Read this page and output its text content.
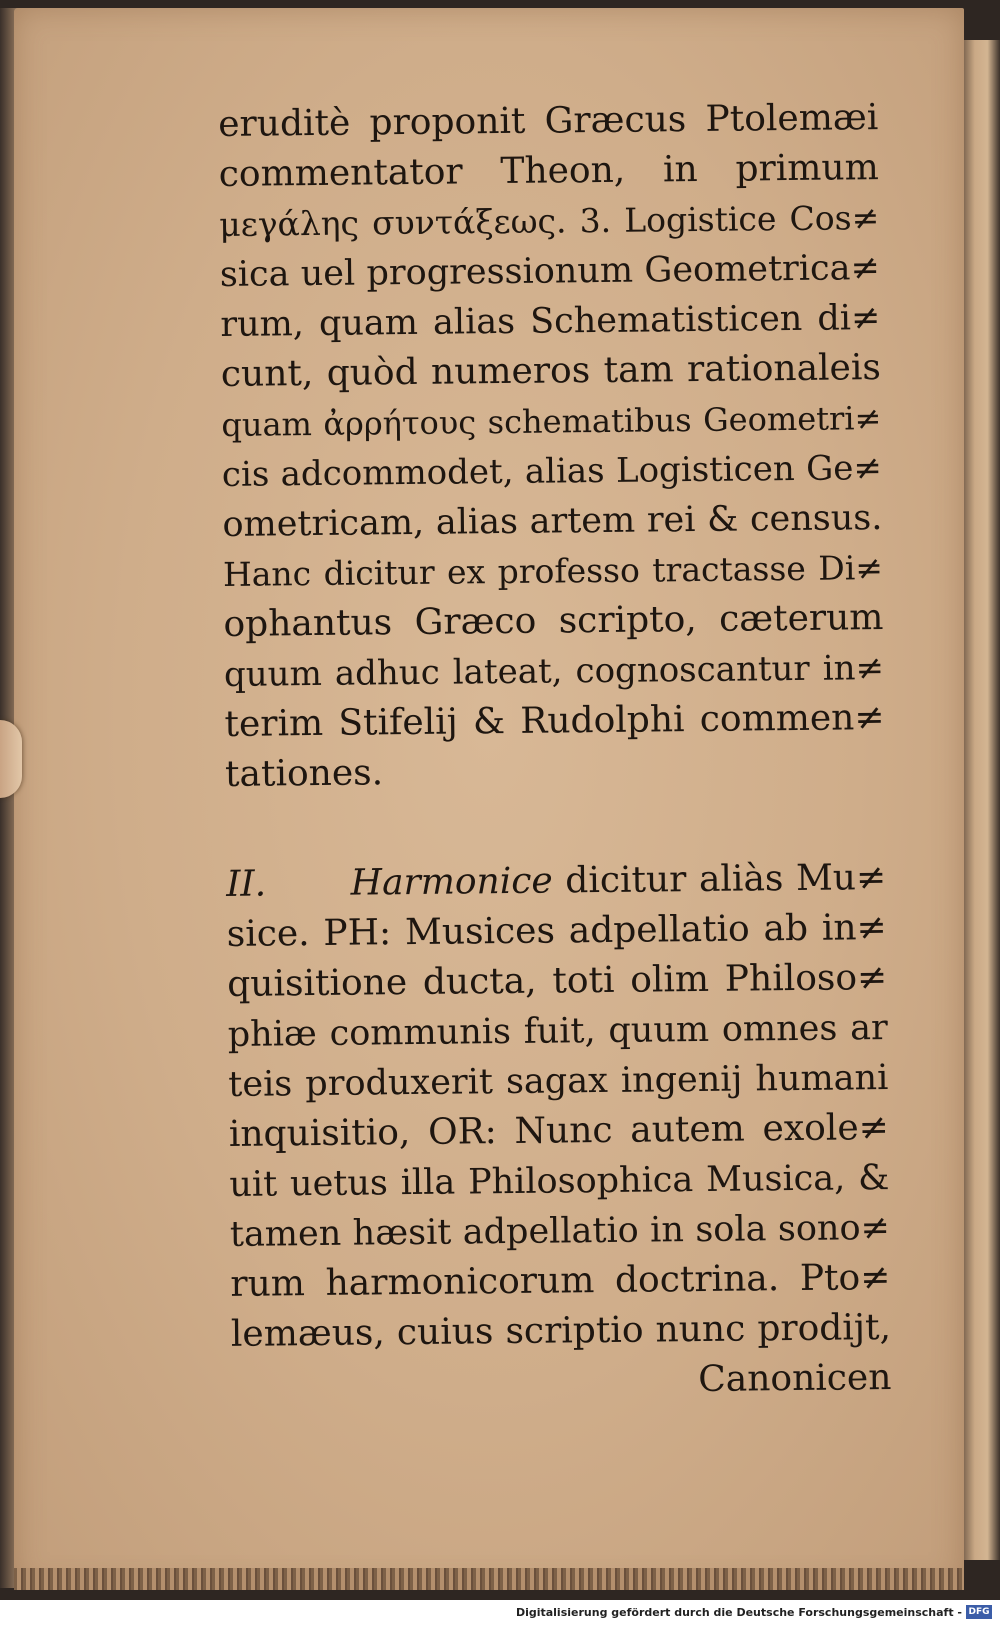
eruditè proponit Græcus Ptolemæi
commentator Theon, in primum
μεγάλης συντάξεως. 3. Logistice Cos≠
sica uel progressionum Geometrica≠
rum, quam alias Schematisticen di≠
cunt, quòd numeros tam rationaleis
quam ἀρρήτους schematibus Geometri≠
cis adcommodet, alias Logisticen Ge≠
ometricam, alias artem rei & census.
Hanc dicitur ex professo tractasse Di≠
ophantus Græco scripto, cæterum
quum adhuc lateat, cognoscantur in≠
terim Stifelij & Rudolphi commen≠
tationes.
II. Harmonice dicitur aliàs Mu≠
sice. PH: Musices adpellatio ab in≠
quisitione ducta, toti olim Philoso≠
phiæ communis fuit, quum omnes ar
teis produxerit sagax ingenij humani
inquisitio, OR: Nunc autem exole≠
uit uetus illa Philosophica Musica, &
tamen hæsit adpellatio in sola sono≠
rum harmonicorum doctrina. Pto≠
lemæus, cuius scriptio nunc prodijt,
Canonicen
Digitalisierung gefördert durch die Deutsche Forschungsgemeinschaft - DFG
